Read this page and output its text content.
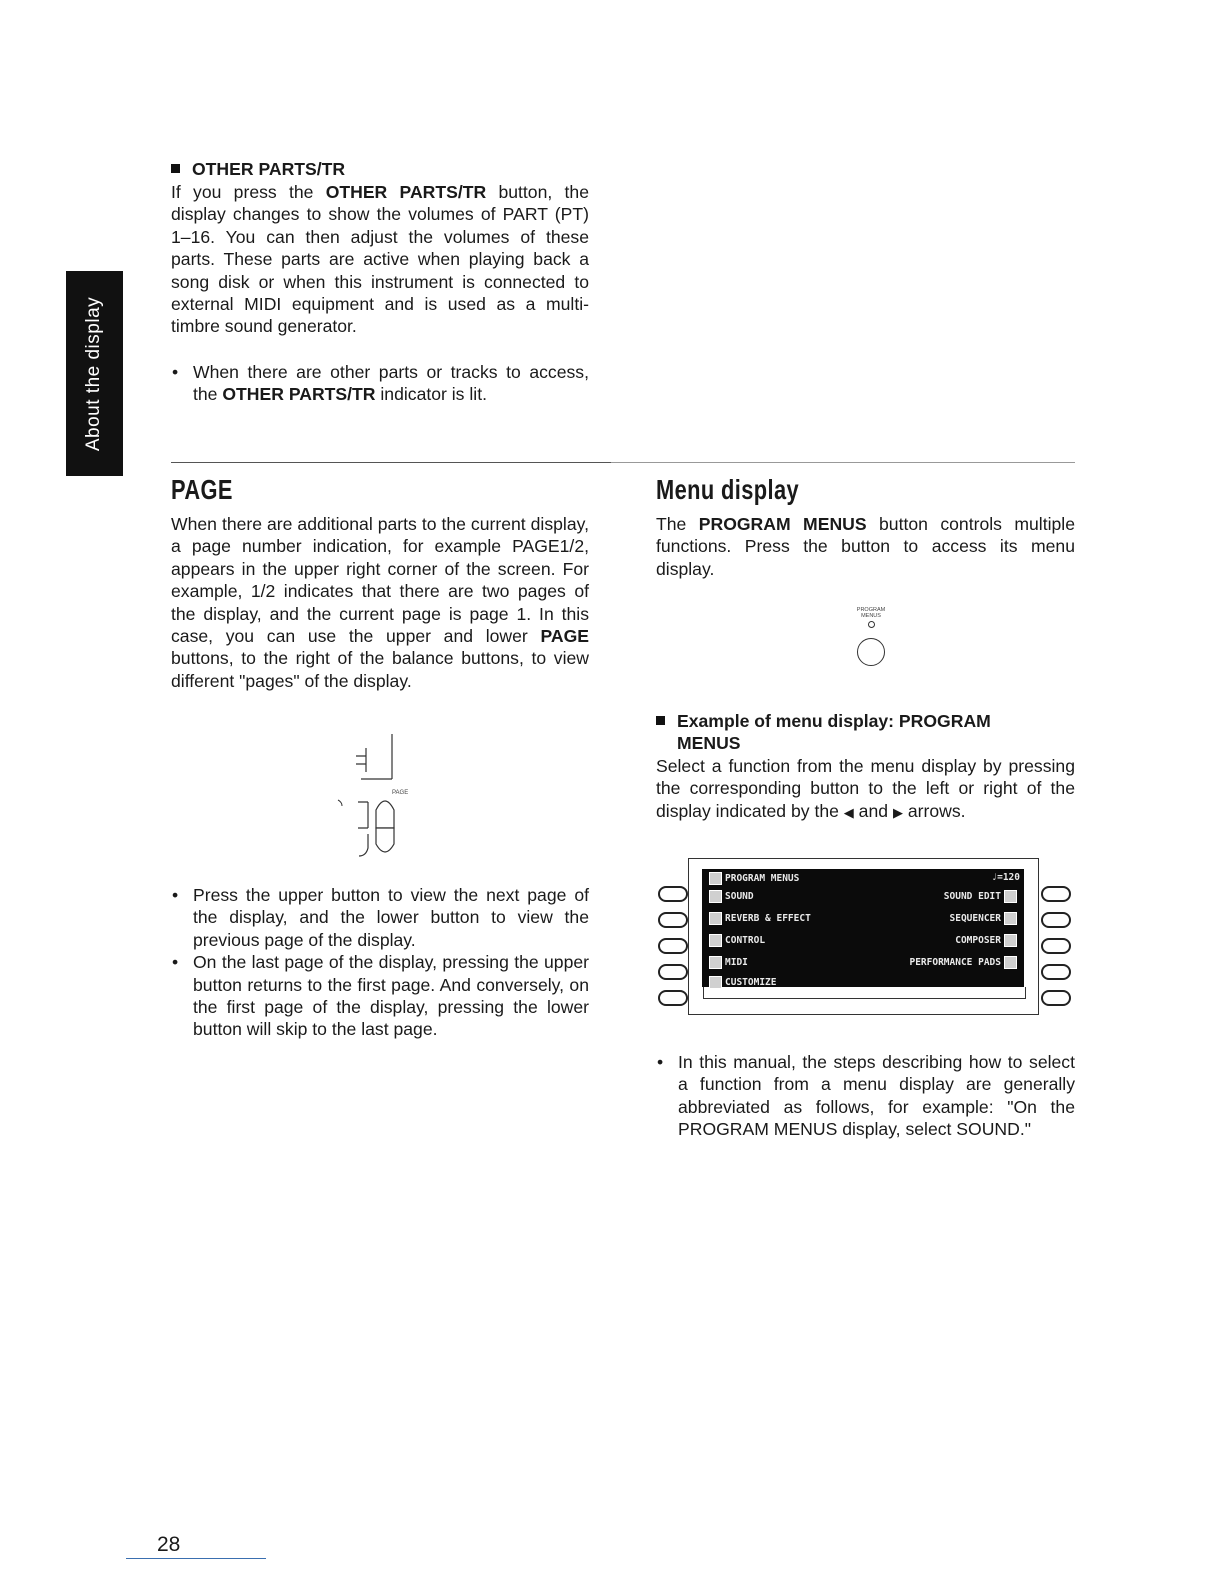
About the display
OTHER PARTS/TR
If you press the OTHER PARTS/TR button, the display changes to show the volumes of PART (PT) 1–16. You can then adjust the volumes of these parts. These parts are active when playing back a song disk or when this instrument is connected to external MIDI equipment and is used as a multi-timbre sound generator.
• When there are other parts or tracks to access, the OTHER PARTS/TR indicator is lit.
PAGE
When there are additional parts to the current display, a page number indication, for example PAGE1/2, appears in the upper right corner of the screen. For example, 1/2 indicates that there are two pages of the display, and the current page is page 1. In this case, you can use the upper and lower PAGE buttons, to the right of the balance buttons, to view different "pages" of the display.
PAGE
• Press the upper button to view the next page of the display, and the lower button to view the previous page of the display.
• On the last page of the display, pressing the upper button returns to the first page. And conversely, on the first page of the display, pressing the lower button will skip to the last page.
Menu display
The PROGRAM MENUS button controls multiple functions. Press the button to access its menu display.
PROGRAM
MENUS
Example of menu display: PROGRAM
MENUS
Select a function from the menu display by pressing the corresponding button to the left or right of the display indicated by the ◀ and ▶ arrows.
PROGRAM MENUS	♩=120
SOUND	SOUND EDIT
REVERB & EFFECT	SEQUENCER
CONTROL	COMPOSER
MIDI	PERFORMANCE PADS
CUSTOMIZE
• In this manual, the steps describing how to select a function from a menu display are generally abbreviated as follows, for example: "On the PROGRAM MENUS display, select SOUND."
28
